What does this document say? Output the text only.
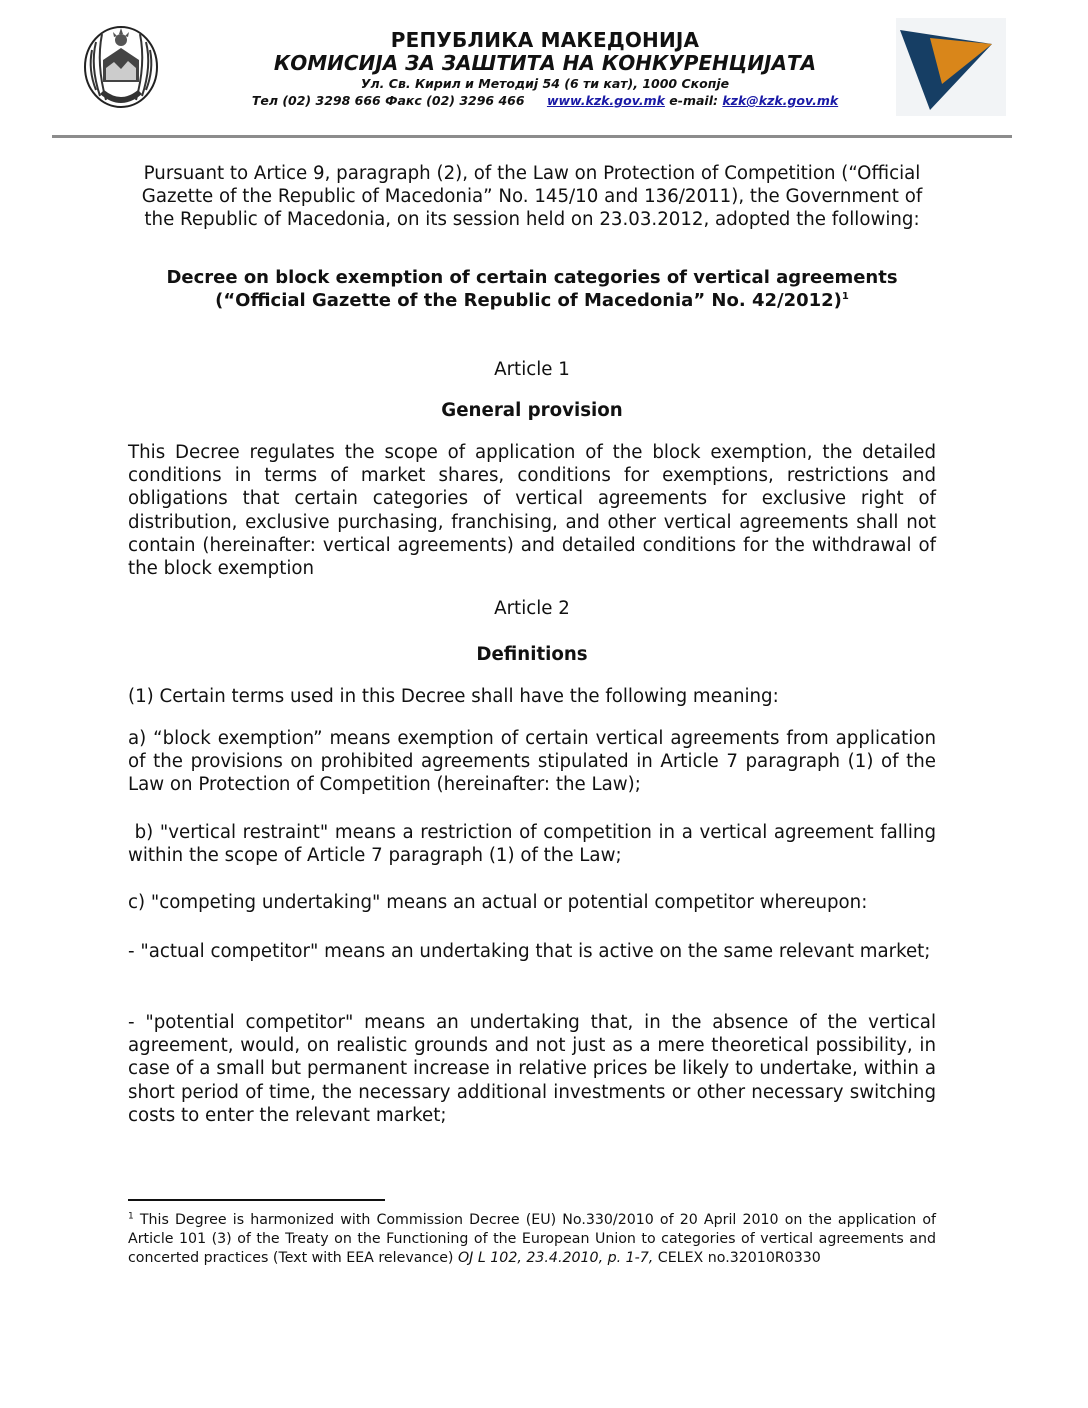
РЕПУБЛИКА МАКЕДОНИЈА
КОМИСИЈА ЗА ЗАШТИТА НА КОНКУРЕНЦИЈАТА
Ул. Св. Кирил и Методиј 54 (6 ти кат), 1000 Скопје
Тел (02) 3298 666 Факс (02) 3296 466 www.kzk.gov.mk e-mail: kzk@kzk.gov.mk
Pursuant to Artice 9, paragraph (2), of the Law on Protection of Competition (“Official Gazette of the Republic of Macedonia” No. 145/10 and 136/2011), the Government of the Republic of Macedonia, on its session held on 23.03.2012, adopted the following:
Decree on block exemption of certain categories of vertical agreements (“Official Gazette of the Republic of Macedonia” No. 42/2012)$^1$
Article 1
General provision
This Decree regulates the scope of application of the block exemption, the detailed conditions in terms of market shares, conditions for exemptions, restrictions and obligations that certain categories of vertical agreements for exclusive right of distribution, exclusive purchasing, franchising, and other vertical agreements shall not contain (hereinafter: vertical agreements) and detailed conditions for the withdrawal of the block exemption
Article 2
Definitions
(1) Certain terms used in this Decree shall have the following meaning:
a) “block exemption” means exemption of certain vertical agreements from application of the provisions on prohibited agreements stipulated in Article 7 paragraph (1) of the Law on Protection of Competition (hereinafter: the Law);
b) "vertical restraint" means a restriction of competition in a vertical agreement falling within the scope of Article 7 paragraph (1) of the Law;
c) "competing undertaking" means an actual or potential competitor whereupon:
- "actual competitor" means an undertaking that is active on the same relevant market;
- "potential competitor" means an undertaking that, in the absence of the vertical agreement, would, on realistic grounds and not just as a mere theoretical possibility, in case of a small but permanent increase in relative prices be likely to undertake, within a short period of time, the necessary additional investments or other necessary switching costs to enter the relevant market;
$^1$ This Degree is harmonized with Commission Decree (EU) No.330/2010 of 20 April 2010 on the application of Article 101 (3) of the Treaty on the Functioning of the European Union to categories of vertical agreements and concerted practices (Text with EEA relevance) OJ L 102, 23.4.2010, p. 1-7, CELEX no.32010R0330
